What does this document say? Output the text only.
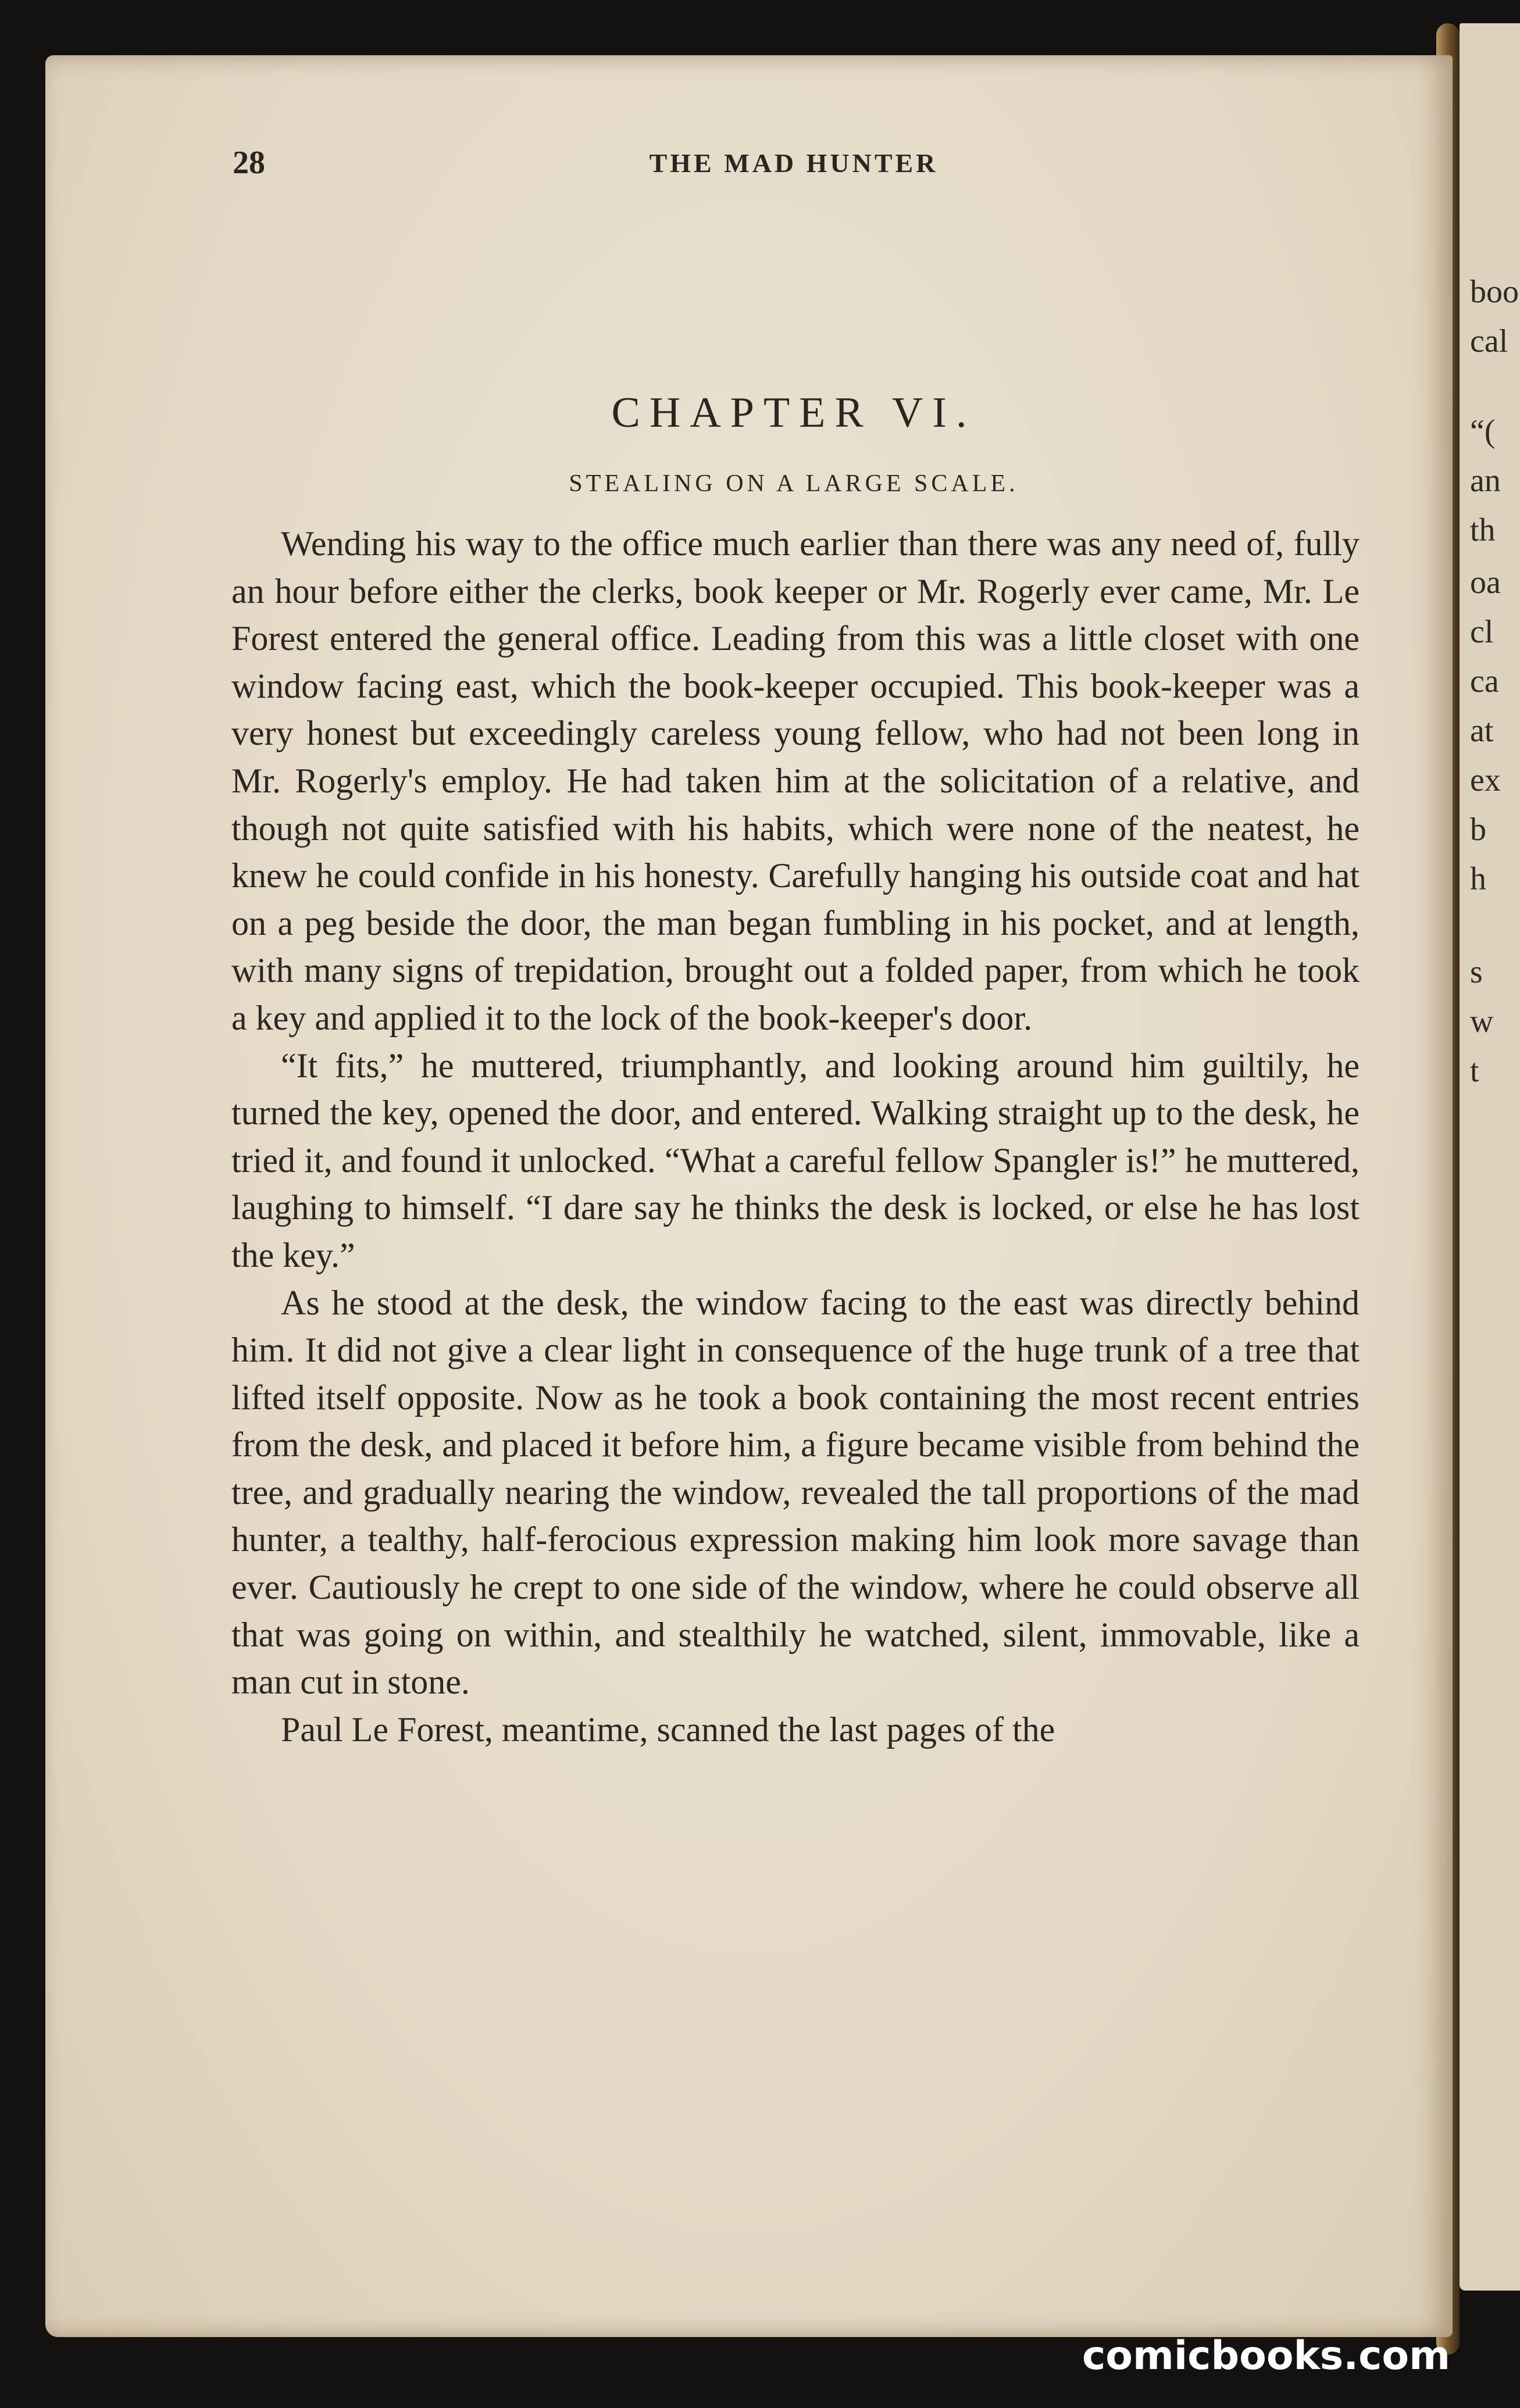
boo
cal
“(
an
th
oa
cl
ca
at
ex
b
h
s
w
t
28	THE MAD HUNTER
CHAPTER VI.
STEALING ON A LARGE SCALE.

Wending his way to the office much earlier than there was any need of, fully an hour before either the clerks, book keeper or Mr. Rogerly ever came, Mr. Le Forest entered the general office. Leading from this was a little closet with one window facing east, which the book-keeper occupied. This book-keeper was a very honest but exceedingly careless young fellow, who had not been long in Mr. Rogerly's employ. He had taken him at the solicitation of a relative, and though not quite satisfied with his habits, which were none of the neatest, he knew he could confide in his honesty. Carefully hanging his outside coat and hat on a peg beside the door, the man began fumbling in his pocket, and at length, with many signs of trepidation, brought out a folded paper, from which he took a key and applied it to the lock of the book-keeper's door.

“It fits,” he muttered, triumphantly, and looking around him guiltily, he turned the key, opened the door, and entered. Walking straight up to the desk, he tried it, and found it unlocked. “What a careful fellow Spangler is!” he muttered, laughing to himself. “I dare say he thinks the desk is locked, or else he has lost the key.”

As he stood at the desk, the window facing to the east was directly behind him. It did not give a clear light in consequence of the huge trunk of a tree that lifted itself opposite. Now as he took a book containing the most recent entries from the desk, and placed it before him, a figure became visible from behind the tree, and gradually nearing the window, revealed the tall proportions of the mad hunter, a tealthy, half-ferocious expression making him look more savage than ever. Cautiously he crept to one side of the window, where he could observe all that was going on within, and stealthily he watched, silent, immovable, like a man cut in stone.

Paul Le Forest, meantime, scanned the last pages of the

comicbooks.com
